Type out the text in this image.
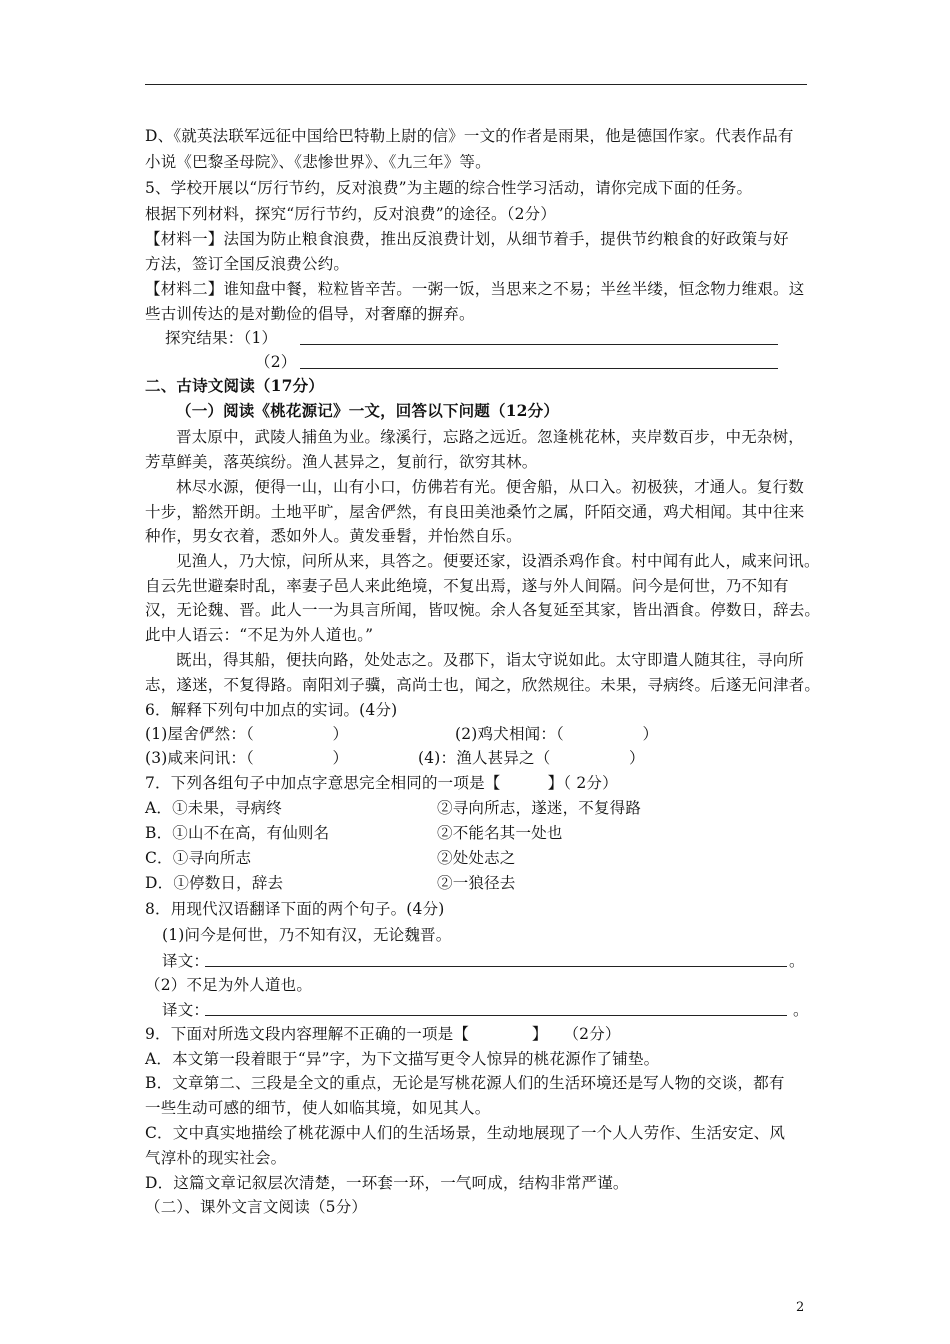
D、《就英法联军远征中国给巴特勒上尉的信》一文的作者是雨果，他是德国作家。代表作品有
小说《巴黎圣母院》、《悲惨世界》、《九三年》等。
5、学校开展以“厉行节约，反对浪费”为主题的综合性学习活动，请你完成下面的任务。
根据下列材料，探究“厉行节约，反对浪费”的途径。（2分）
【材料一】法国为防止粮食浪费，推出反浪费计划，从细节着手，提供节约粮食的好政策与好
方法，签订全国反浪费公约。
【材料二】谁知盘中餐，粒粒皆辛苦。一粥一饭，当思来之不易；半丝半缕，恒念物力维艰。这
些古训传达的是对勤俭的倡导，对奢靡的摒弃。
探究结果：（1）
（2）
二、古诗文阅读（17分）
（一）阅读《桃花源记》一文，回答以下问题（12分）
晋太原中，武陵人捕鱼为业。缘溪行，忘路之远近。忽逢桃花林，夹岸数百步，中无杂树，
芳草鲜美，落英缤纷。渔人甚异之，复前行，欲穷其林。
林尽水源，便得一山，山有小口，仿佛若有光。便舍船，从口入。初极狭，才通人。复行数
十步，豁然开朗。土地平旷，屋舍俨然，有良田美池桑竹之属，阡陌交通，鸡犬相闻。其中往来
种作，男女衣着，悉如外人。黄发垂髫，并怡然自乐。
见渔人，乃大惊，问所从来，具答之。便要还家，设酒杀鸡作食。村中闻有此人，咸来问讯。
自云先世避秦时乱，率妻子邑人来此绝境，不复出焉，遂与外人间隔。问今是何世，乃不知有
汉，无论魏、晋。此人一一为具言所闻，皆叹惋。余人各复延至其家，皆出酒食。停数日，辞去。
此中人语云：“不足为外人道也。”
既出，得其船，便扶向路，处处志之。及郡下，诣太守说如此。太守即遣人随其往，寻向所
志，遂迷，不复得路。南阳刘子骥，高尚士也，闻之，欣然规往。未果，寻病终。后遂无问津者。
6．解释下列句中加点的实词。(4分)
(1)屋舍俨然：（　　　　　）	(2)鸡犬相闻：（　　　　　）
(3)咸来问讯：（　　　　　）	(4)：渔人甚异之（　　　　　）
7．下列各组句子中加点字意思完全相同的一项是【　　　】（ 2分）
A．①未果，寻病终	②寻向所志，遂迷，不复得路
B．①山不在高，有仙则名	②不能名其一处也
C．①寻向所志	②处处志之
D．①停数日，辞去	②一狼径去
8．用现代汉语翻译下面的两个句子。(4分)
(1)问今是何世，乃不知有汉，无论魏晋。
译文：	。
（2）不足为外人道也。
译文：	。
9．下面对所选文段内容理解不正确的一项是【　　　　】　　（2分）
A．本文第一段着眼于“异”字，为下文描写更令人惊异的桃花源作了铺垫。
B．文章第二、三段是全文的重点，无论是写桃花源人们的生活环境还是写人物的交谈，都有
一些生动可感的细节，使人如临其境，如见其人。
C．文中真实地描绘了桃花源中人们的生活场景，生动地展现了一个人人劳作、生活安定、风
气淳朴的现实社会。
D．这篇文章记叙层次清楚，一环套一环，一气呵成，结构非常严谨。
（二）、课外文言文阅读（5分）
2
